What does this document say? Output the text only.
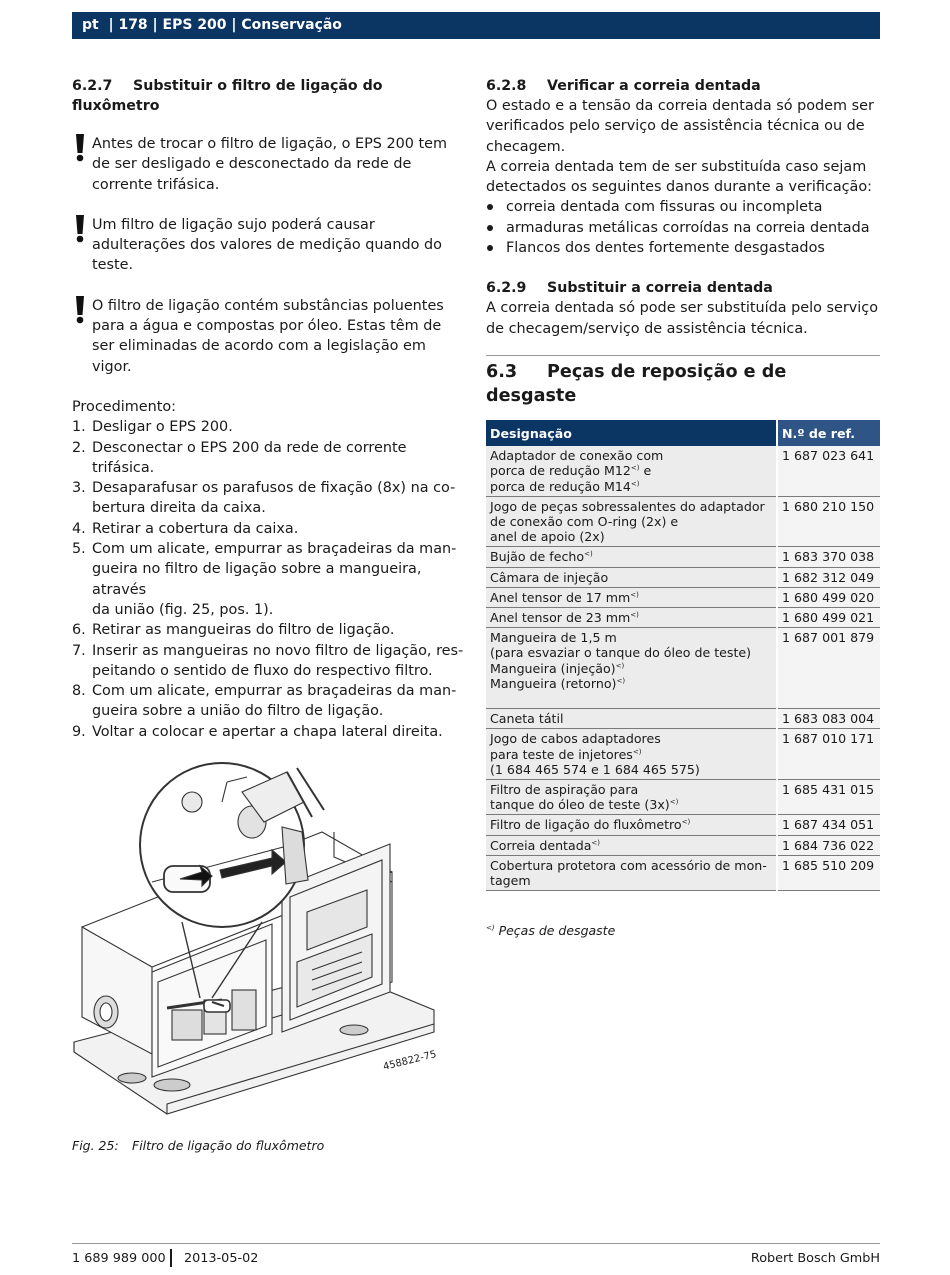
pt  | 178 | EPS 200 | Conservação
6.2.7 Substituir o filtro de ligação do fluxômetro
Antes de trocar o filtro de ligação, o EPS 200 tem de ser desligado e desconectado da rede de corrente trifásica.
Um filtro de ligação sujo poderá causar adulterações dos valores de medição quando do teste.
O filtro de ligação contém substâncias poluentes para a água e compostas por óleo. Estas têm de ser eliminadas de acordo com a legislação em vigor.
Procedimento:
1. Desligar o EPS 200.
2. Desconectar o EPS 200 da rede de corrente trifásica.
3. Desaparafusar os parafusos de fixação (8x) na co-
bertura direita da caixa.
4. Retirar a cobertura da caixa.
5. Com um alicate, empurrar as braçadeiras da man-
gueira no filtro de ligação sobre a mangueira, através
da união (fig. 25, pos. 1).
6. Retirar as mangueiras do filtro de ligação.
7. Inserir as mangueiras no novo filtro de ligação, res-
peitando o sentido de fluxo do respectivo filtro.
8. Com um alicate, empurrar as braçadeiras da man-
gueira sobre a união do filtro de ligação.
9. Voltar a colocar e apertar a chapa lateral direita.
458822-75
Fig. 25: Filtro de ligação do fluxômetro
6.2.8 Verificar a correia dentada
O estado e a tensão da correia dentada só podem ser verificados pelo serviço de assistência técnica ou de checagem.
A correia dentada tem de ser substituída caso sejam detectados os seguintes danos durante a verificação:
correia dentada com fissuras ou incompleta
armaduras metálicas corroídas na correia dentada
Flancos dos dentes fortemente desgastados
6.2.9 Substituir a correia dentada
A correia dentada só pode ser substituída pelo serviço de checagem/serviço de assistência técnica.
6.3 Peças de reposição e de desgaste
Designação	N.º de ref.

Adaptador de conexão com
porca de redução M12<) e
porca de redução M14<)	1 687 023 641

Jogo de peças sobressalentes do adaptador
de conexão com O-ring (2x) e
anel de apoio (2x)	1 680 210 150

Bujão de fecho<)	1 683 370 038

Câmara de injeção	1 682 312 049

Anel tensor de 17 mm<)	1 680 499 020

Anel tensor de 23 mm<)	1 680 499 021

Mangueira de 1,5 m
(para esvaziar o tanque do óleo de teste)
Mangueira (injeção)<)
Mangueira (retorno)<)	1 687 001 879

Caneta tátil	1 683 083 004

Jogo de cabos adaptadores
para teste de injetores<)
(1 684 465 574 e 1 684 465 575)	1 687 010 171

Filtro de aspiração para
tanque do óleo de teste (3x)<)	1 685 431 015

Filtro de ligação do fluxômetro<)	1 687 434 051

Correia dentada<)	1 684 736 022

Cobertura protetora com acessório de mon-
tagem	1 685 510 209
<) Peças de desgaste
1 689 989 000 2013-05-02	Robert Bosch GmbH
